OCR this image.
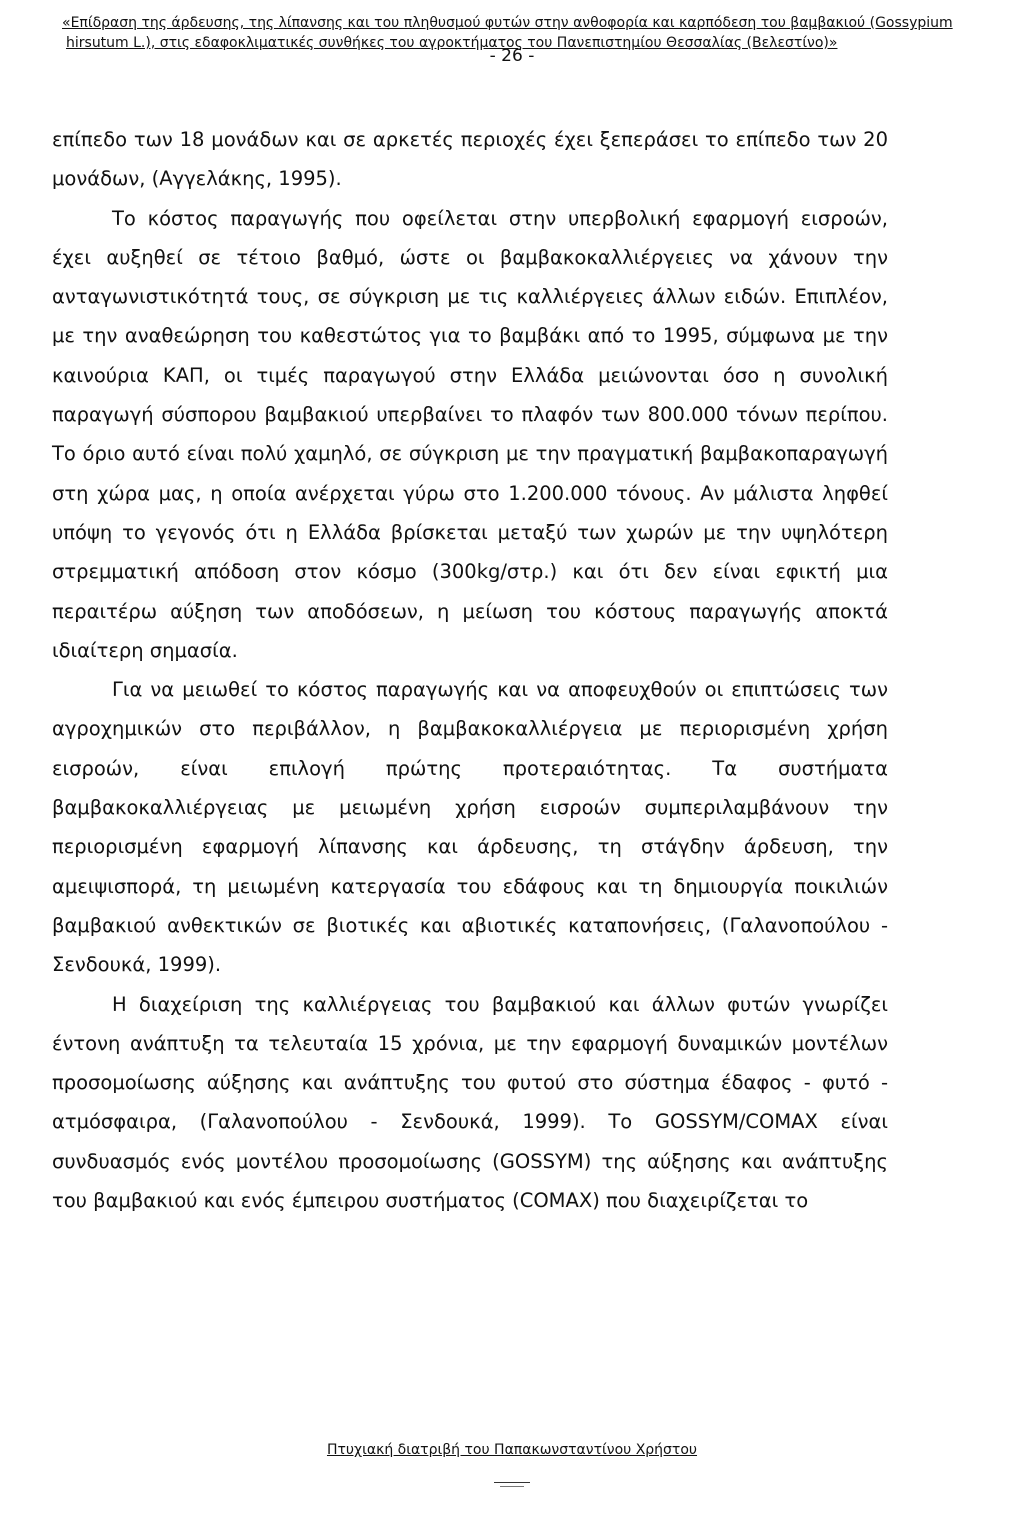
«Επίδραση της άρδευσης, της λίπανσης και του πληθυσμού φυτών στην ανθοφορία και καρπόδεση του βαμβακιού (Gossypium
hirsutum L.), στις εδαφοκλιματικές συνθήκες του αγροκτήματος του Πανεπιστημίου Θεσσαλίας (Βελεστίνο)»
- 26 -

επίπεδο των 18 μονάδων και σε αρκετές περιοχές έχει ξεπεράσει το επίπεδο των 20 μονάδων, (Αγγελάκης, 1995).

Το κόστος παραγωγής που οφείλεται στην υπερβολική εφαρμογή εισροών, έχει αυξηθεί σε τέτοιο βαθμό, ώστε οι βαμβακοκαλλιέργειες να χάνουν την ανταγωνιστικότητά τους, σε σύγκριση με τις καλλιέργειες άλλων ειδών. Επιπλέον, με την αναθεώρηση του καθεστώτος για το βαμβάκι από το 1995, σύμφωνα με την καινούρια ΚΑΠ, οι τιμές παραγωγού στην Ελλάδα μειώνονται όσο η συνολική παραγωγή σύσπορου βαμβακιού υπερβαίνει το πλαφόν των 800.000 τόνων περίπου. Το όριο αυτό είναι πολύ χαμηλό, σε σύγκριση με την πραγματική βαμβακοπαραγωγή στη χώρα μας, η οποία ανέρχεται γύρω στο 1.200.000 τόνους. Αν μάλιστα ληφθεί υπόψη το γεγονός ότι η Ελλάδα βρίσκεται μεταξύ των χωρών με την υψηλότερη στρεμματική απόδοση στον κόσμο (300kg/στρ.) και ότι δεν είναι εφικτή μια περαιτέρω αύξηση των αποδόσεων, η μείωση του κόστους παραγωγής αποκτά ιδιαίτερη σημασία.

Για να μειωθεί το κόστος παραγωγής και να αποφευχθούν οι επιπτώσεις των αγροχημικών στο περιβάλλον, η βαμβακοκαλλιέργεια με περιορισμένη χρήση εισροών, είναι επιλογή πρώτης προτεραιότητας. Τα συστήματα βαμβακοκαλλιέργειας με μειωμένη χρήση εισροών συμπεριλαμβάνουν την περιορισμένη εφαρμογή λίπανσης και άρδευσης, τη στάγδην άρδευση, την αμειψισπορά, τη μειωμένη κατεργασία του εδάφους και τη δημιουργία ποικιλιών βαμβακιού ανθεκτικών σε βιοτικές και αβιοτικές καταπονήσεις, (Γαλανοπούλου - Σενδουκά, 1999).

Η διαχείριση της καλλιέργειας του βαμβακιού και άλλων φυτών γνωρίζει έντονη ανάπτυξη τα τελευταία 15 χρόνια, με την εφαρμογή δυναμικών μοντέλων προσομοίωσης αύξησης και ανάπτυξης του φυτού στο σύστημα έδαφος - φυτό - ατμόσφαιρα, (Γαλανοπούλου - Σενδουκά, 1999). Το GOSSYM/COMAX είναι συνδυασμός ενός μοντέλου προσομοίωσης (GOSSYM) της αύξησης και ανάπτυξης του βαμβακιού και ενός έμπειρου συστήματος (COMAX) που διαχειρίζεται το

Πτυχιακή διατριβή του Παπακωνσταντίνου Χρήστου
